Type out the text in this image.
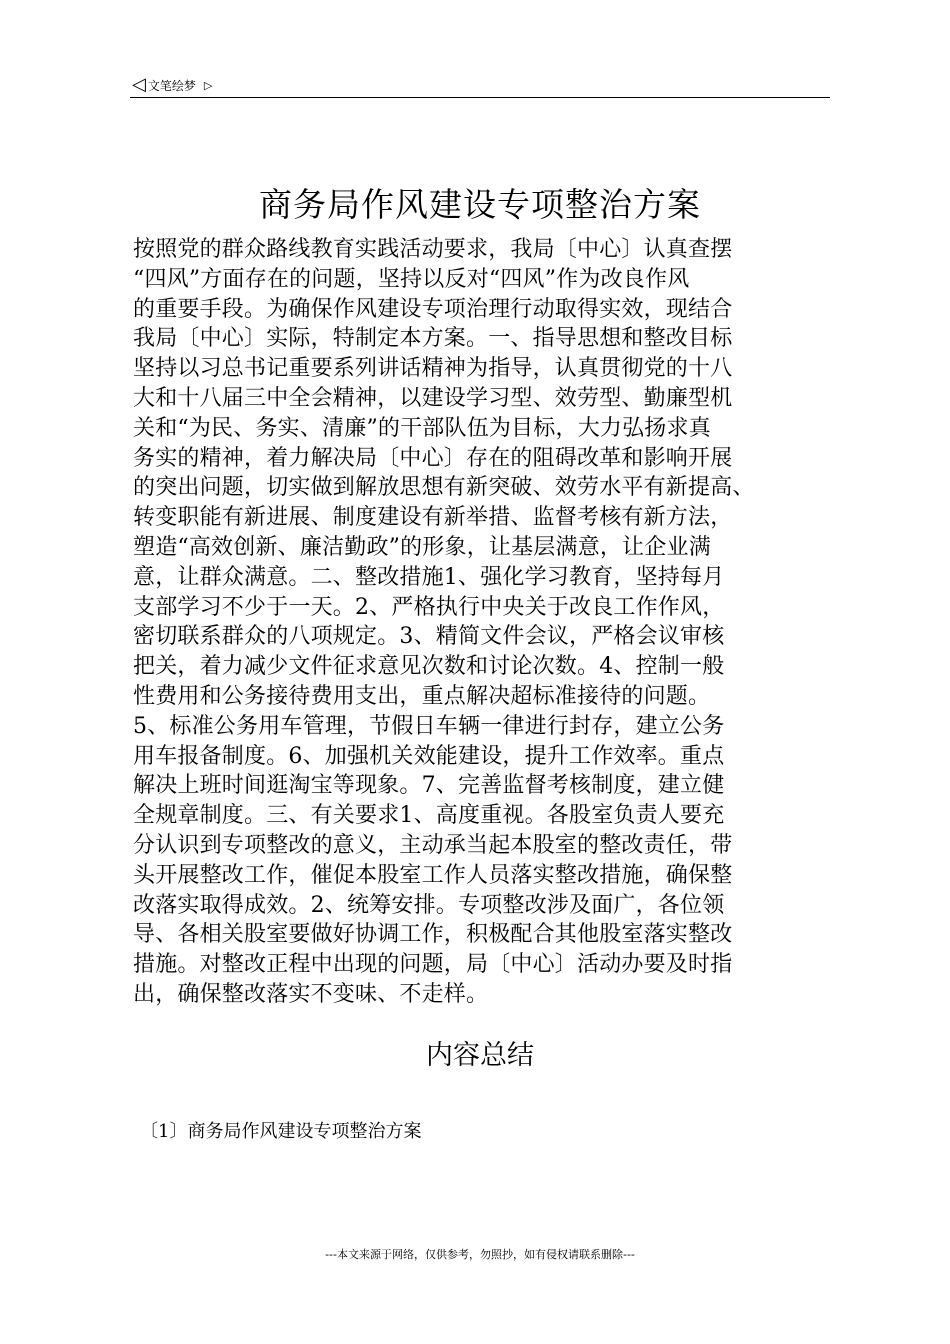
◁ 文笔绘梦 ▷
商务局作风建设专项整治方案
按照党的群众路线教育实践活动要求，我局〔中心〕认真查摆
“四风”方面存在的问题，坚持以反对“四风”作为改良作风
的重要手段。为确保作风建设专项治理行动取得实效，现结合
我局〔中心〕实际，特制定本方案。一、指导思想和整改目标
坚持以习总书记重要系列讲话精神为指导，认真贯彻党的十八
大和十八届三中全会精神，以建设学习型、效劳型、勤廉型机
关和“为民、务实、清廉”的干部队伍为目标，大力弘扬求真
务实的精神，着力解决局〔中心〕存在的阻碍改革和影响开展
的突出问题，切实做到解放思想有新突破、效劳水平有新提高、
转变职能有新进展、制度建设有新举措、监督考核有新方法，
塑造“高效创新、廉洁勤政”的形象，让基层满意，让企业满
意，让群众满意。二、整改措施1、强化学习教育，坚持每月
支部学习不少于一天。2、严格执行中央关于改良工作作风，
密切联系群众的八项规定。3、精简文件会议，严格会议审核
把关，着力减少文件征求意见次数和讨论次数。4、控制一般
性费用和公务接待费用支出，重点解决超标准接待的问题。
5、标准公务用车管理，节假日车辆一律进行封存，建立公务
用车报备制度。6、加强机关效能建设，提升工作效率。重点
解决上班时间逛淘宝等现象。7、完善监督考核制度，建立健
全规章制度。三、有关要求1、高度重视。各股室负责人要充
分认识到专项整改的意义，主动承当起本股室的整改责任，带
头开展整改工作，催促本股室工作人员落实整改措施，确保整
改落实取得成效。2、统筹安排。专项整改涉及面广，各位领
导、各相关股室要做好协调工作，积极配合其他股室落实整改
措施。对整改正程中出现的问题，局〔中心〕活动办要及时指
出，确保整改落实不变味、不走样。
内容总结
〔1〕商务局作风建设专项整治方案
---本文来源于网络，仅供参考，勿照抄，如有侵权请联系删除---
